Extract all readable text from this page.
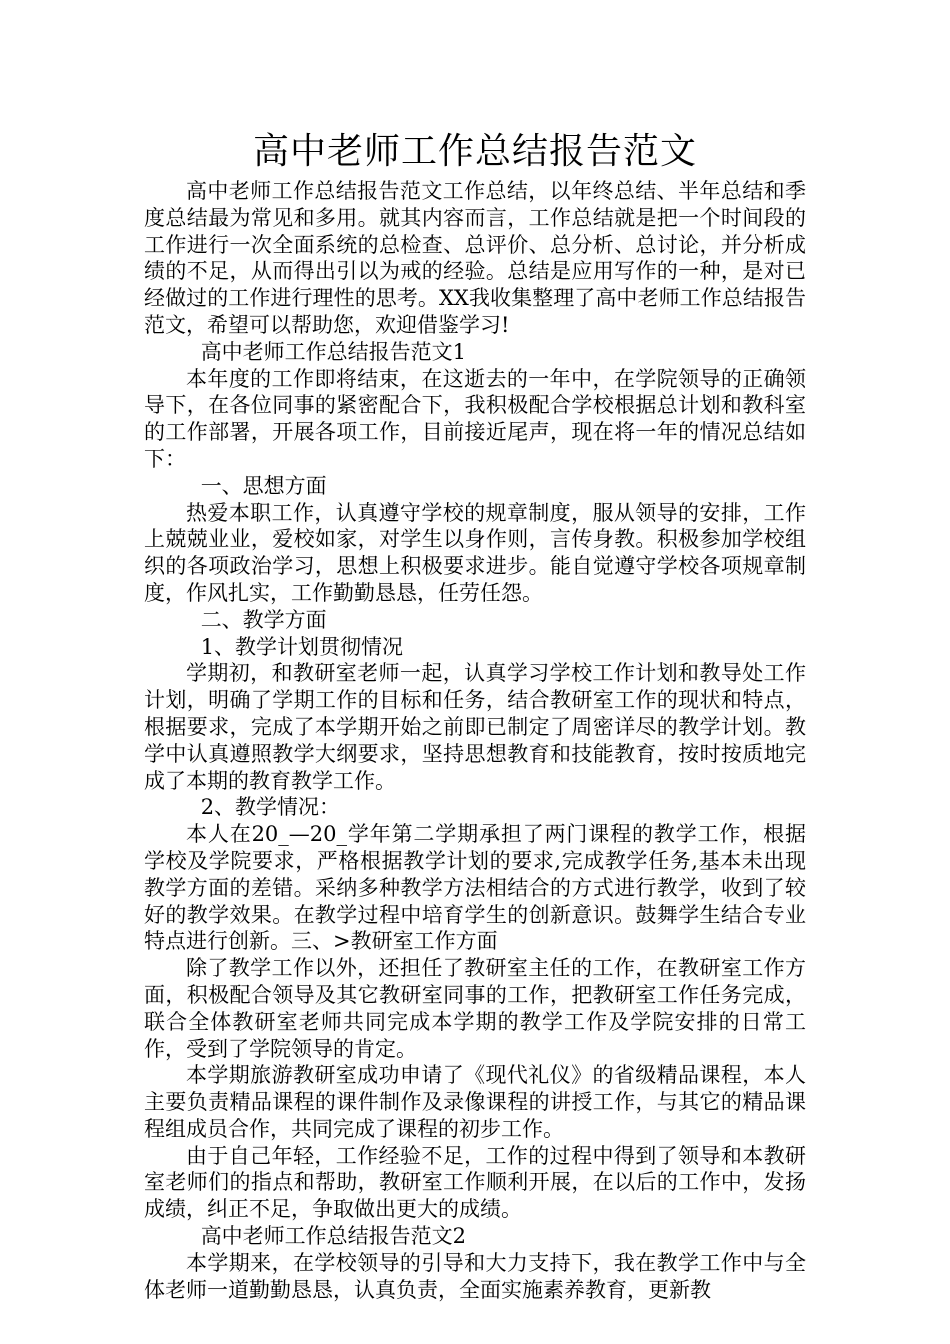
高中老师工作总结报告范文

高中老师工作总结报告范文工作总结，以年终总结、半年总结和季度总结最为常见和多用。就其内容而言，工作总结就是把一个时间段的工作进行一次全面系统的总检查、总评价、总分析、总讨论，并分析成绩的不足，从而得出引以为戒的经验。总结是应用写作的一种，是对已经做过的工作进行理性的思考。XX我收集整理了高中老师工作总结报告范文，希望可以帮助您，欢迎借鉴学习!

高中老师工作总结报告范文1

本年度的工作即将结束，在这逝去的一年中，在学院领导的正确领导下，在各位同事的紧密配合下，我积极配合学校根据总计划和教科室的工作部署，开展各项工作，目前接近尾声，现在将一年的情况总结如下：

一、思想方面

热爱本职工作，认真遵守学校的规章制度，服从领导的安排，工作上兢兢业业，爱校如家，对学生以身作则，言传身教。积极参加学校组织的各项政治学习，思想上积极要求进步。能自觉遵守学校各项规章制度，作风扎实，工作勤勤恳恳，任劳任怨。

二、教学方面

1、教学计划贯彻情况

学期初，和教研室老师一起，认真学习学校工作计划和教导处工作计划，明确了学期工作的目标和任务，结合教研室工作的现状和特点，根据要求，完成了本学期开始之前即已制定了周密详尽的教学计划。教学中认真遵照教学大纲要求，坚持思想教育和技能教育，按时按质地完成了本期的教育教学工作。

2、教学情况：

本人在20_—20_学年第二学期承担了两门课程的教学工作，根据学校及学院要求，严格根据教学计划的要求,完成教学任务,基本未出现教学方面的差错。采纳多种教学方法相结合的方式进行教学，收到了较好的教学效果。在教学过程中培育学生的创新意识。鼓舞学生结合专业特点进行创新。三、>教研室工作方面

除了教学工作以外，还担任了教研室主任的工作，在教研室工作方面，积极配合领导及其它教研室同事的工作，把教研室工作任务完成，联合全体教研室老师共同完成本学期的教学工作及学院安排的日常工作，受到了学院领导的肯定。

本学期旅游教研室成功申请了《现代礼仪》的省级精品课程，本人主要负责精品课程的课件制作及录像课程的讲授工作，与其它的精品课程组成员合作，共同完成了课程的初步工作。

由于自己年轻，工作经验不足，工作的过程中得到了领导和本教研室老师们的指点和帮助，教研室工作顺利开展，在以后的工作中，发扬成绩，纠正不足，争取做出更大的成绩。

高中老师工作总结报告范文2

本学期来，在学校领导的引导和大力支持下，我在教学工作中与全体老师一道勤勤恳恳，认真负责，全面实施素养教育，更新教
